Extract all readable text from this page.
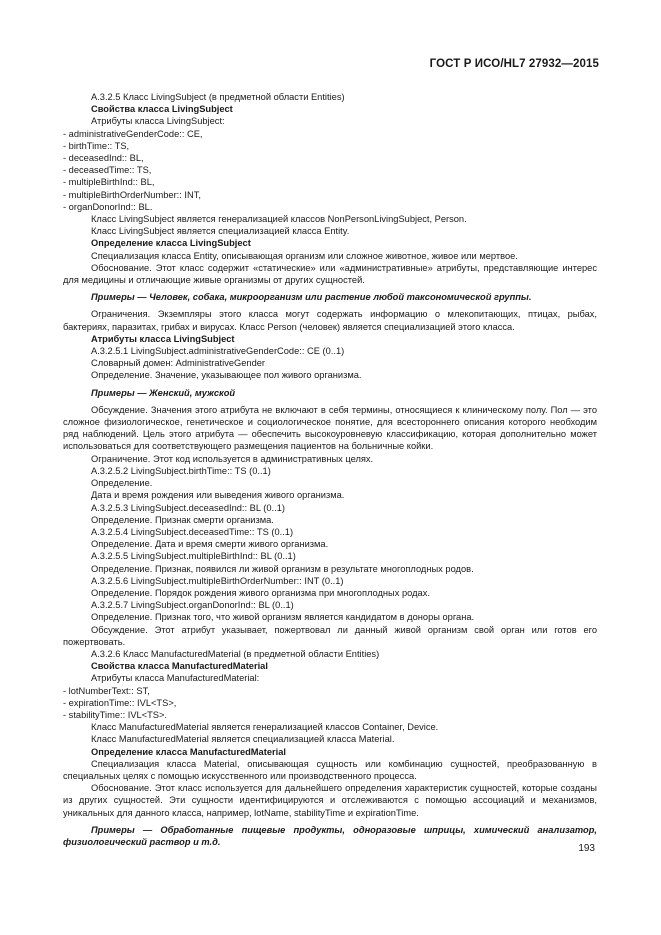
ГОСТ Р ИСО/HL7 27932—2015

А.3.2.5 Класс LivingSubject (в предметной области Entities)

Свойства класса LivingSubject

Атрибуты класса LivingSubject:

- administrativeGenderCode:: СЕ,

- birthTime:: TS,

- deceasedInd:: BL,

- deceasedTime:: TS,

- multipleBirthInd:: BL,

- multipleBirthOrderNumber:: INT,

- organDonorInd:: BL.

Класс LivingSubject является генерализацией классов NonPersonLivingSubject, Person.

Класс LivingSubject является специализацией класса Entity.

Определение класса LivingSubject

Специализация класса Entity, описывающая организм или сложное животное, живое или мертвое.

Обоснование. Этот класс содержит «статические» или «административные» атрибуты, представляющие интерес для медицины и отличающие живые организмы от других сущностей.

Примеры — Человек, собака, микроорганизм или растение любой таксономической группы.

Ограничения. Экземпляры этого класса могут содержать информацию о млекопитающих, птицах, рыбах, бактериях, паразитах, грибах и вирусах. Класс Person (человек) является специализацией этого класса.

Атрибуты класса LivingSubject

А.3.2.5.1 LivingSubject.administrativeGenderCode:: CE (0..1)

Словарный домен: AdministrativeGender

Определение. Значение, указывающее пол живого организма.

Примеры — Женский, мужской

Обсуждение. Значения этого атрибута не включают в себя термины, относящиеся к клиническому полу. Пол — это сложное физиологическое, генетическое и социологическое понятие, для всестороннего описания которого необходим ряд наблюдений. Цель этого атрибута — обеспечить высокоуровневую классификацию, которая дополнительно может использоваться для соответствующего размещения пациентов на больничные койки.

Ограничение. Этот код используется в административных целях.

А.3.2.5.2 LivingSubject.birthTime:: TS (0..1)

Определение.

Дата и время рождения или выведения живого организма.

А.3.2.5.3 LivingSubject.deceasedInd:: BL (0..1)

Определение. Признак смерти организма.

А.3.2.5.4 LivingSubject.deceasedTime:: TS (0..1)

Определение. Дата и время смерти живого организма.

А.3.2.5.5 LivingSubject.multipleBirthInd:: BL (0..1)

Определение. Признак, появился ли живой организм в результате многоплодных родов.

А.3.2.5.6 LivingSubject.multipleBirthOrderNumber:: INT (0..1)

Определение. Порядок рождения живого организма при многоплодных родах.

А.3.2.5.7 LivingSubject.organDonorInd:: BL (0..1)

Определение. Признак того, что живой организм является кандидатом в доноры органа.

Обсуждение. Этот атрибут указывает, пожертвовал ли данный живой организм свой орган или готов его пожертвовать.

А.3.2.6 Класс ManufacturedMaterial (в предметной области Entities)

Свойства класса ManufacturedMaterial

Атрибуты класса ManufacturedMaterial:

- lotNumberText:: ST,

- expirationTime:: IVL<TS>,

- stabilityTime:: IVL<TS>.

Класс ManufacturedMaterial является генерализацией классов Container, Device.

Класс ManufacturedMaterial является специализацией класса Material.

Определение класса ManufacturedMaterial

Специализация класса Material, описывающая сущность или комбинацию сущностей, преобразованную в специальных целях с помощью искусственного или производственного процесса.

Обоснование. Этот класс используется для дальнейшего определения характеристик сущностей, которые созданы из других сущностей. Эти сущности идентифицируются и отслеживаются с помощью ассоциаций и механизмов, уникальных для данного класса, например, lotName, stabilityTime и expirationTime.

Примеры — Обработанные пищевые продукты, одноразовые шприцы, химический анализатор, физиологический раствор и т.д.

193
